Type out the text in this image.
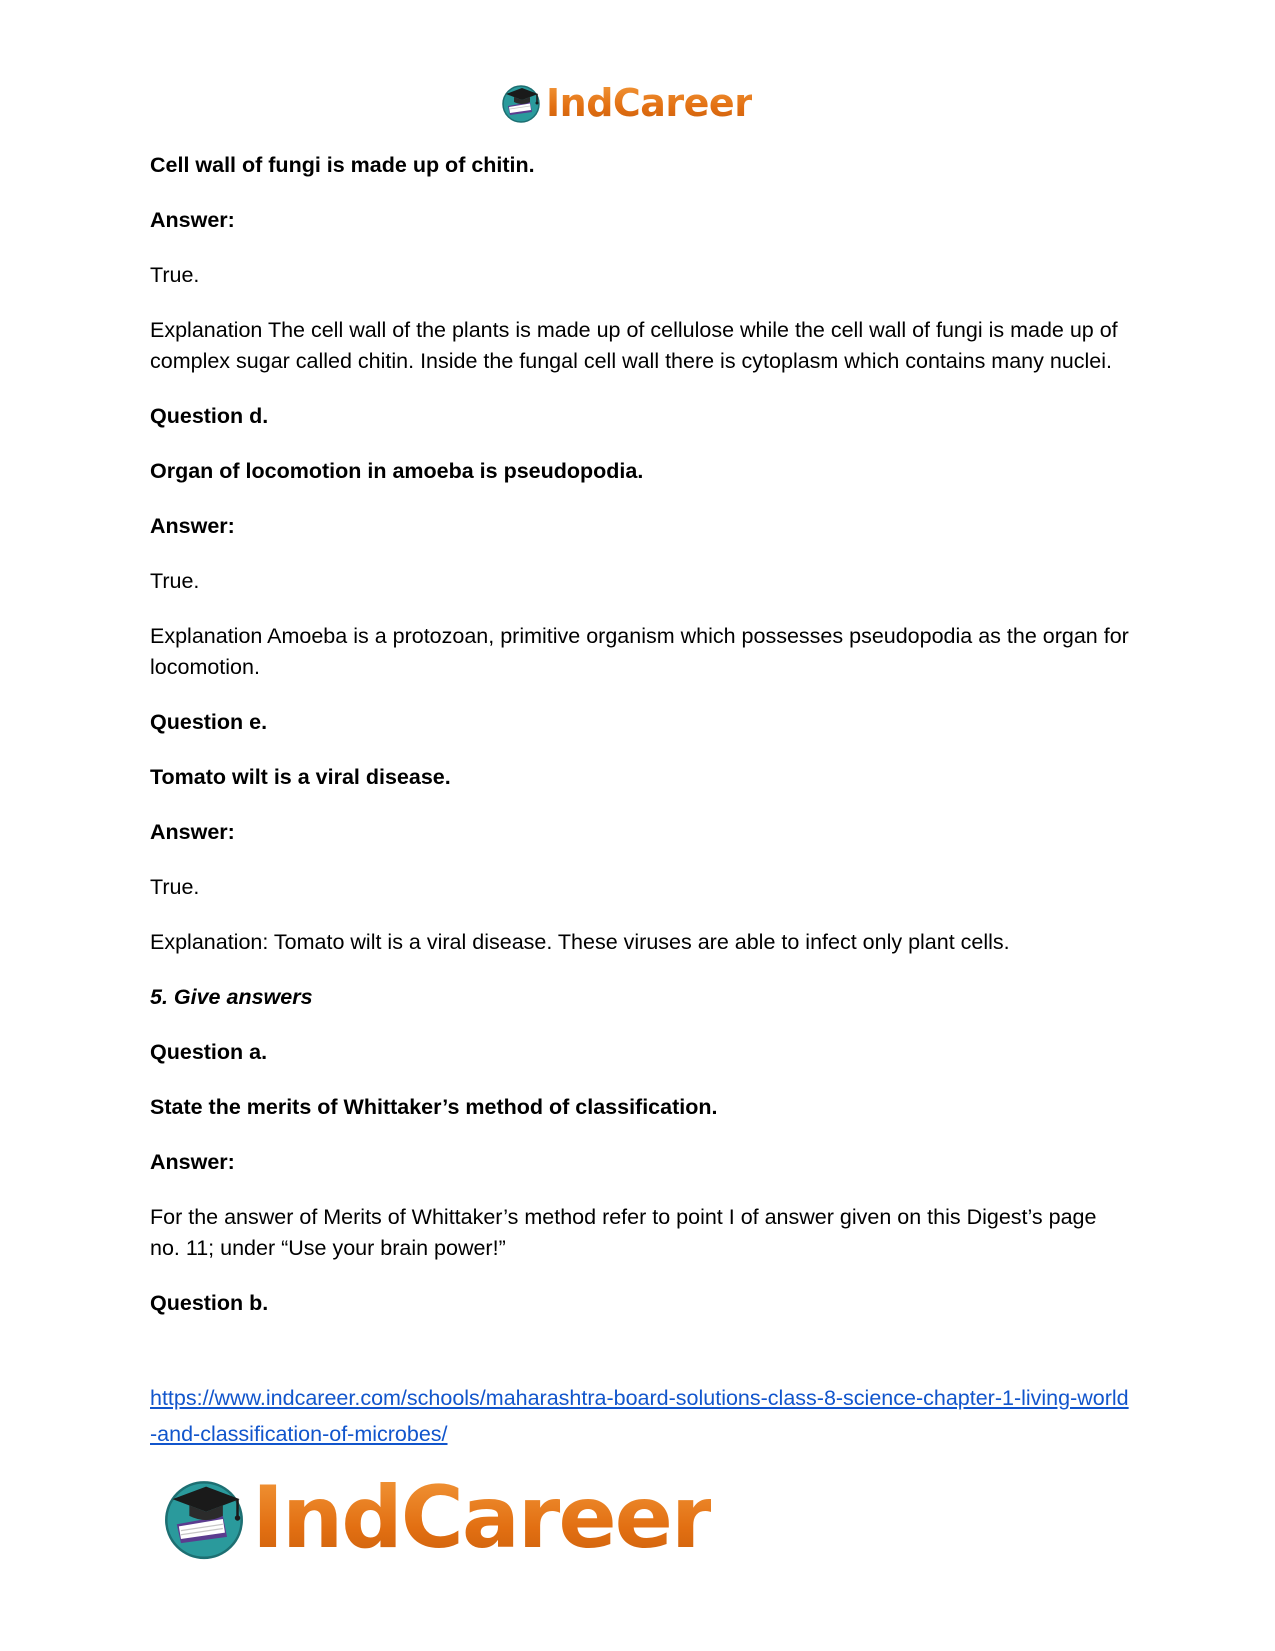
IndCareer

Cell wall of fungi is made up of chitin.

Answer:

True.

Explanation The cell wall of the plants is made up of cellulose while the cell wall of fungi is made up of complex sugar called chitin. Inside the fungal cell wall there is cytoplasm which contains many nuclei.

Question d.

Organ of locomotion in amoeba is pseudopodia.

Answer:

True.

Explanation Amoeba is a protozoan, primitive organism which possesses pseudopodia as the organ for locomotion.

Question e.

Tomato wilt is a viral disease.

Answer:

True.

Explanation: Tomato wilt is a viral disease. These viruses are able to infect only plant cells.

5. Give answers

Question a.

State the merits of Whittaker’s method of classification.

Answer:

For the answer of Merits of Whittaker’s method refer to point I of answer given on this Digest’s page no. 11; under “Use your brain power!”

Question b.

https://www.indcareer.com/schools/maharashtra-board-solutions-class-8-science-chapter-1-living-world-and-classification-of-microbes/
IndCareer
